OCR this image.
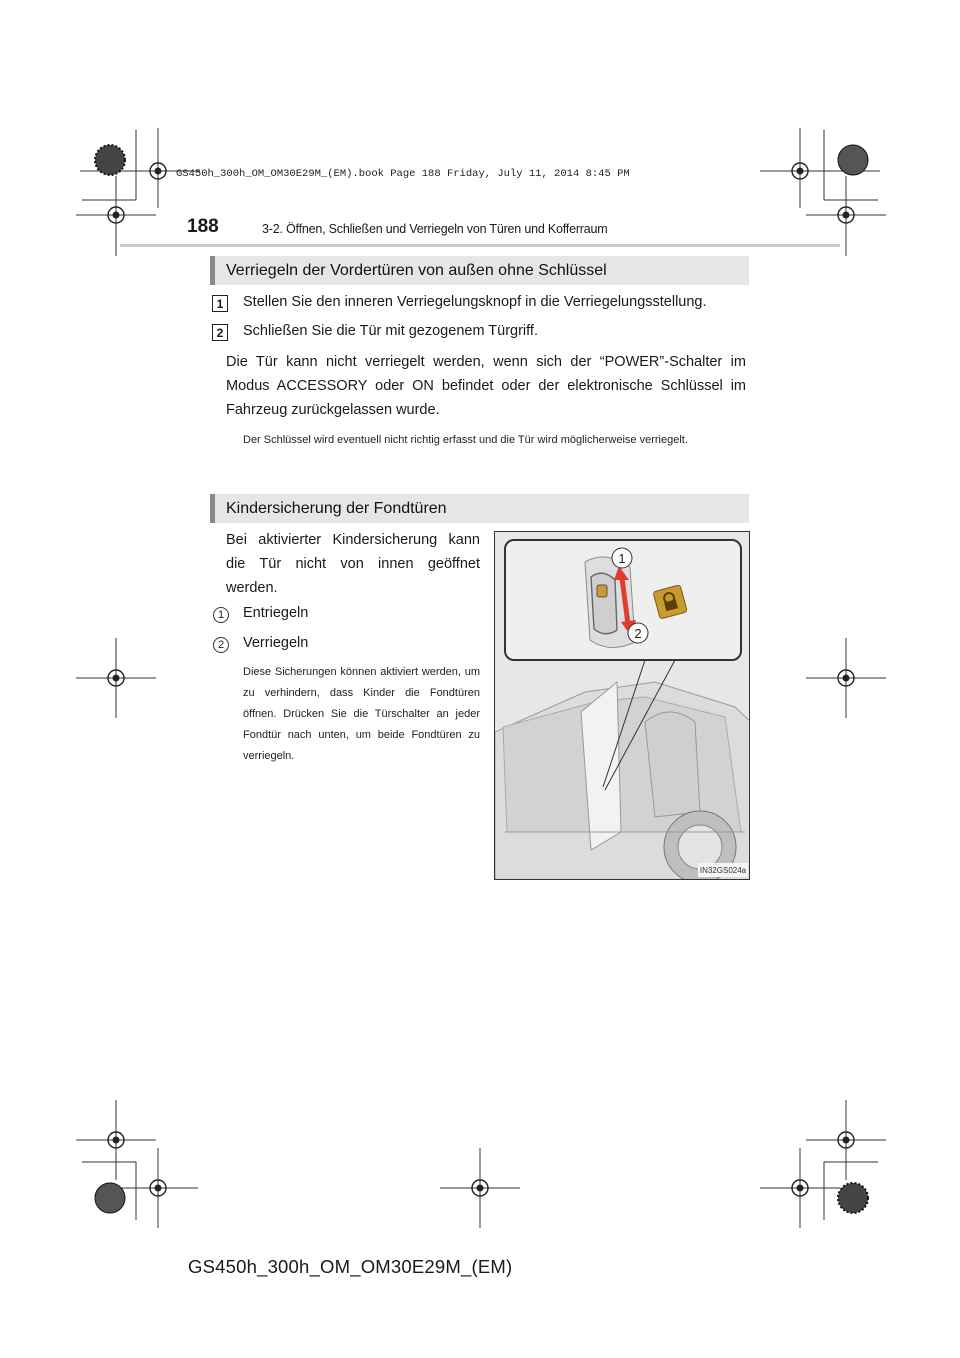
GS450h_300h_OM_OM30E29M_(EM).book Page 188 Friday, July 11, 2014 8:45 PM
188	3-2. Öffnen, Schließen und Verriegeln von Türen und Kofferraum
Verriegeln der Vordertüren von außen ohne Schlüssel
1	Stellen Sie den inneren Verriegelungsknopf in die Verriegelungsstellung.
2	Schließen Sie die Tür mit gezogenem Türgriff.
Die Tür kann nicht verriegelt werden, wenn sich der “POWER”-Schalter im Modus ACCESSORY oder ON befindet oder der elektronische Schlüssel im Fahrzeug zurückgelassen wurde.
Der Schlüssel wird eventuell nicht richtig erfasst und die Tür wird möglicherweise verriegelt.
Kindersicherung der Fondtüren
Bei aktivierter Kindersicherung kann die Tür nicht von innen geöffnet werden.
1	Entriegeln
2	Verriegeln
Diese Sicherungen können aktiviert werden, um zu verhindern, dass Kinder die Fondtüren öffnen. Drücken Sie die Türschalter an jeder Fondtür nach unten, um beide Fondtüren zu verriegeln.
1
2
IN32GS024a
GS450h_300h_OM_OM30E29M_(EM)
